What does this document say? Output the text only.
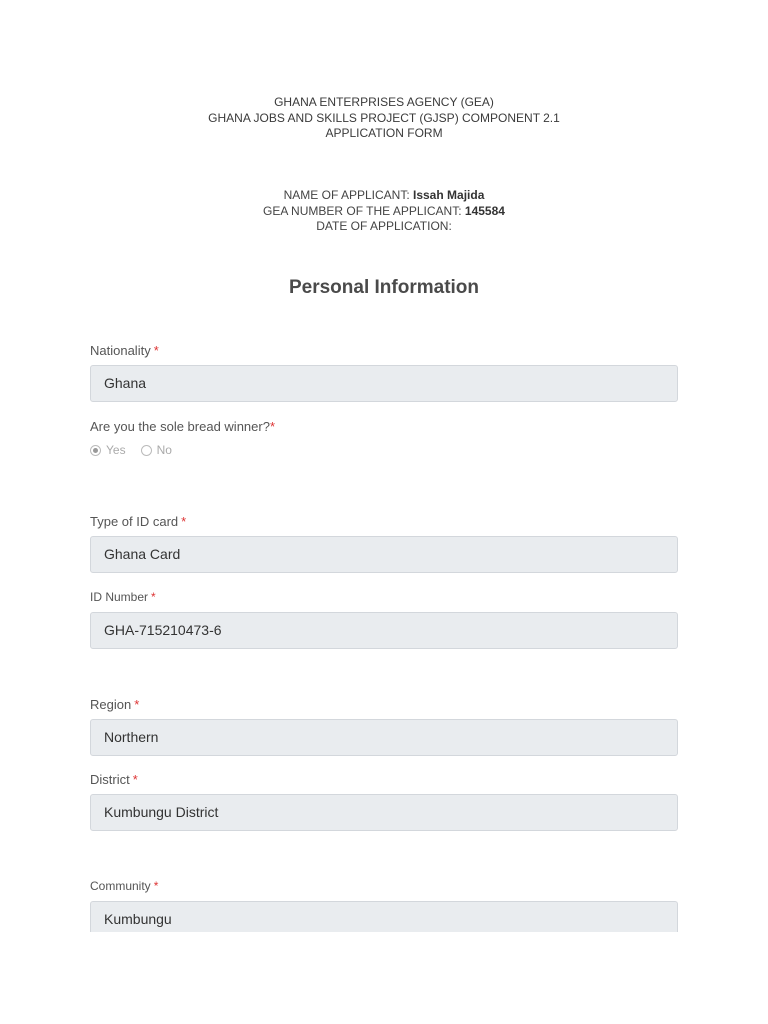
GHANA ENTERPRISES AGENCY (GEA)
GHANA JOBS AND SKILLS PROJECT (GJSP) COMPONENT 2.1
APPLICATION FORM
NAME OF APPLICANT: Issah Majida
GEA NUMBER OF THE APPLICANT: 145584
DATE OF APPLICATION:
Personal Information
Nationality *
Ghana
Are you the sole bread winner?*
Yes	No
Type of ID card *
Ghana Card
ID Number *
GHA-715210473-6
Region *
Northern
District *
Kumbungu District
Community *
Kumbungu
